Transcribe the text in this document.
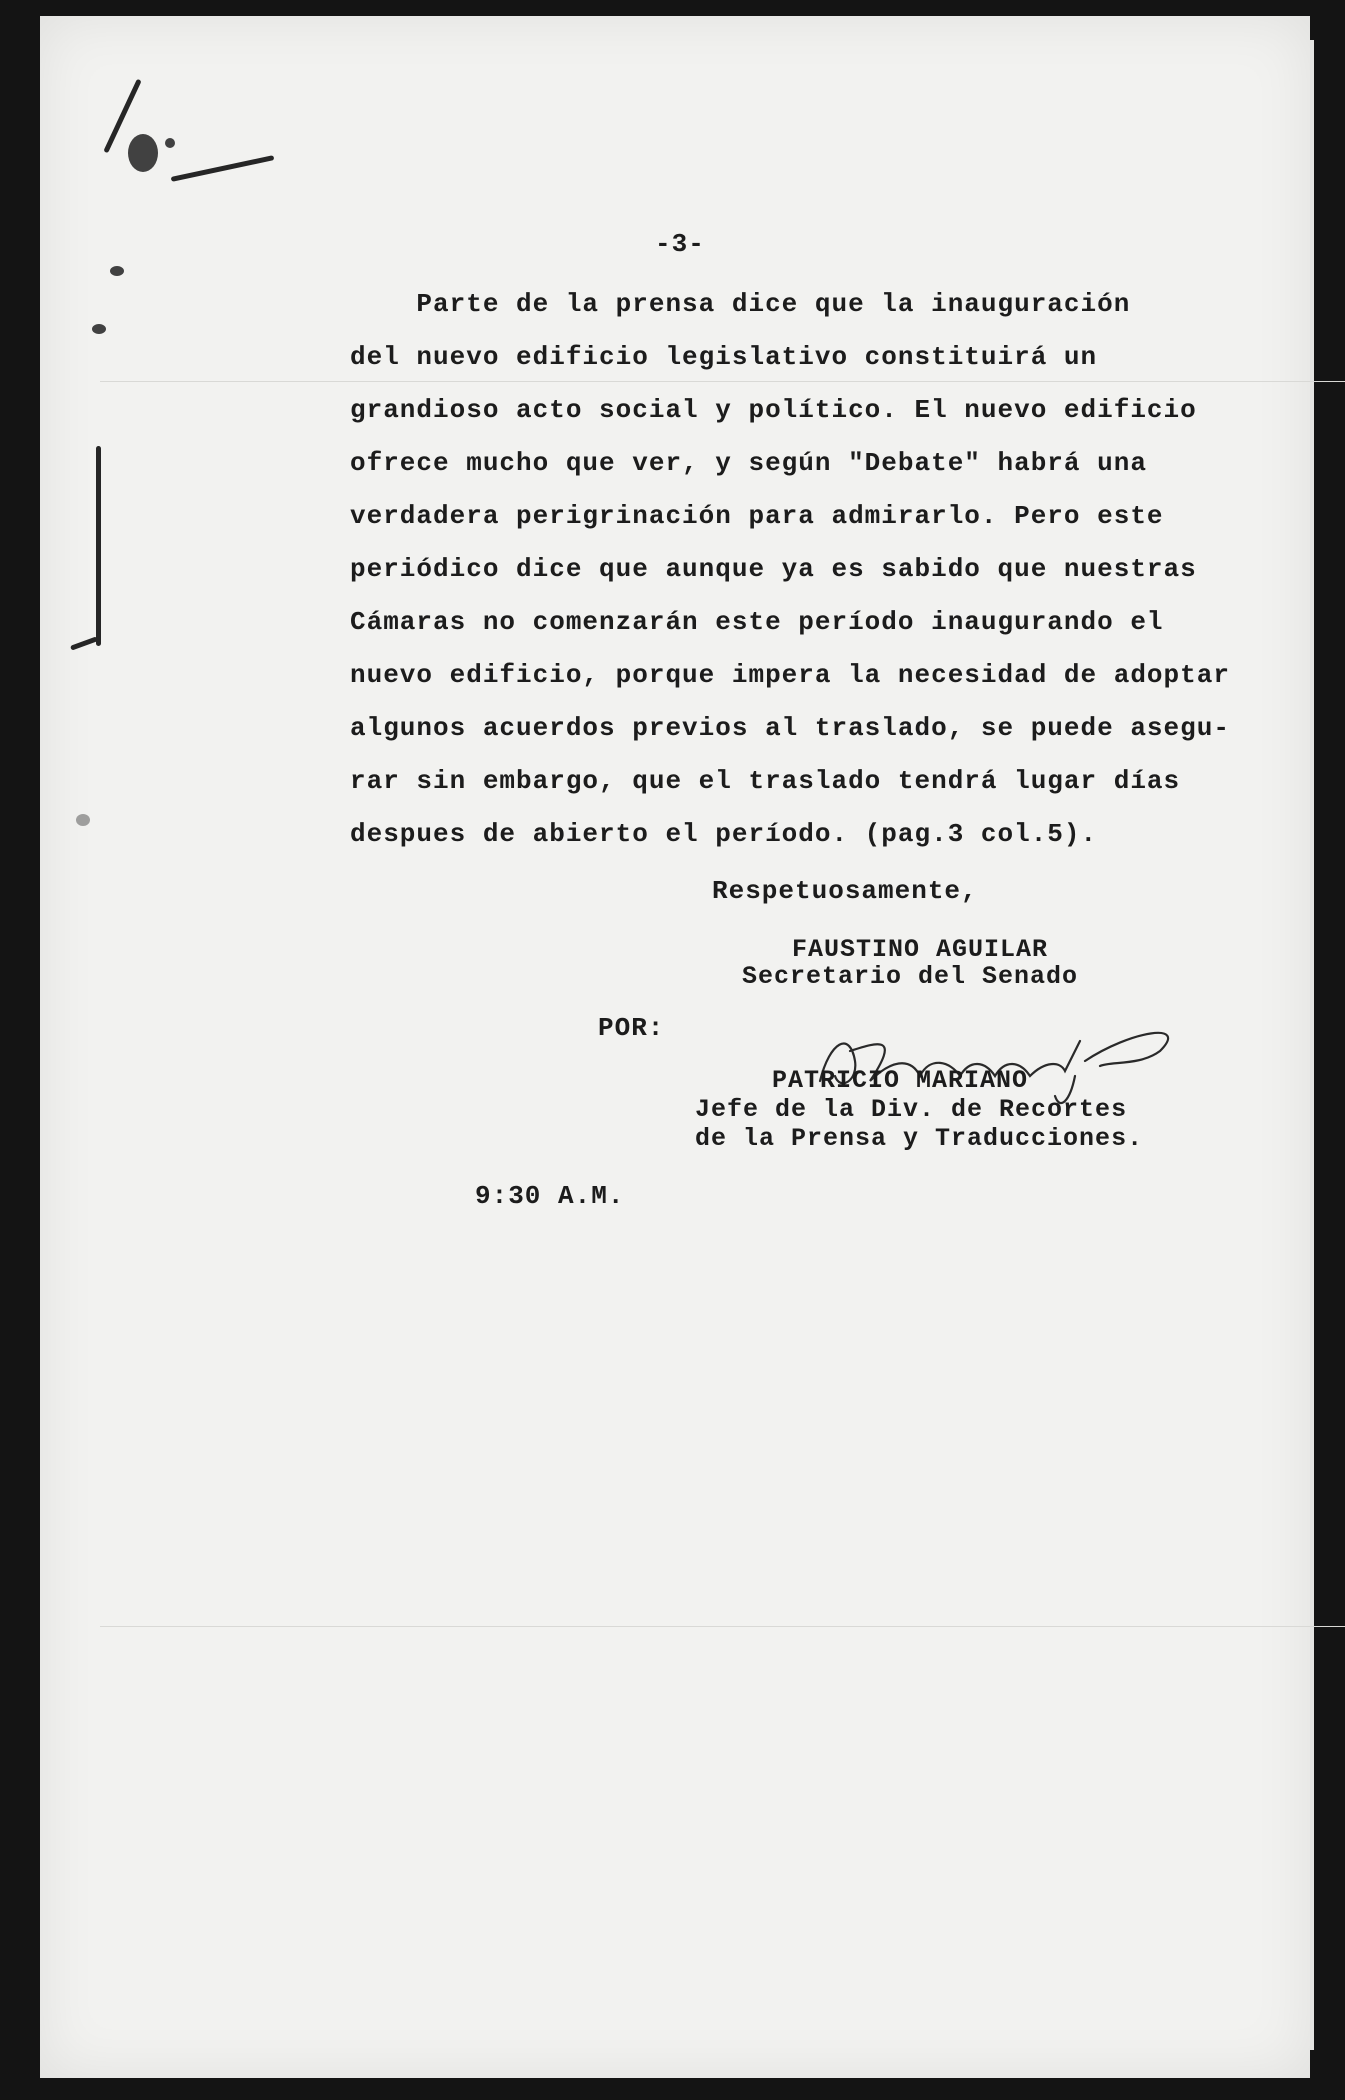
-3-
Parte de la prensa dice que la inauguración
del nuevo edificio legislativo constituirá un
grandioso acto social y político. El nuevo edificio
ofrece mucho que ver, y según "Debate" habrá una
verdadera perigrinación para admirarlo. Pero este
periódico dice que aunque ya es sabido que nuestras
Cámaras no comenzarán este período inaugurando el
nuevo edificio, porque impera la necesidad de adoptar
algunos acuerdos previos al traslado, se puede asegu-
rar sin embargo, que el traslado tendrá lugar días
despues de abierto el período. (pag.3 col.5).
Respetuosamente,
FAUSTINO AGUILAR
Secretario del Senado
POR:
PATRICIO MARIANO
Jefe de la Div. de Recortes
de la Prensa y Traducciones.
9:30 A.M.
